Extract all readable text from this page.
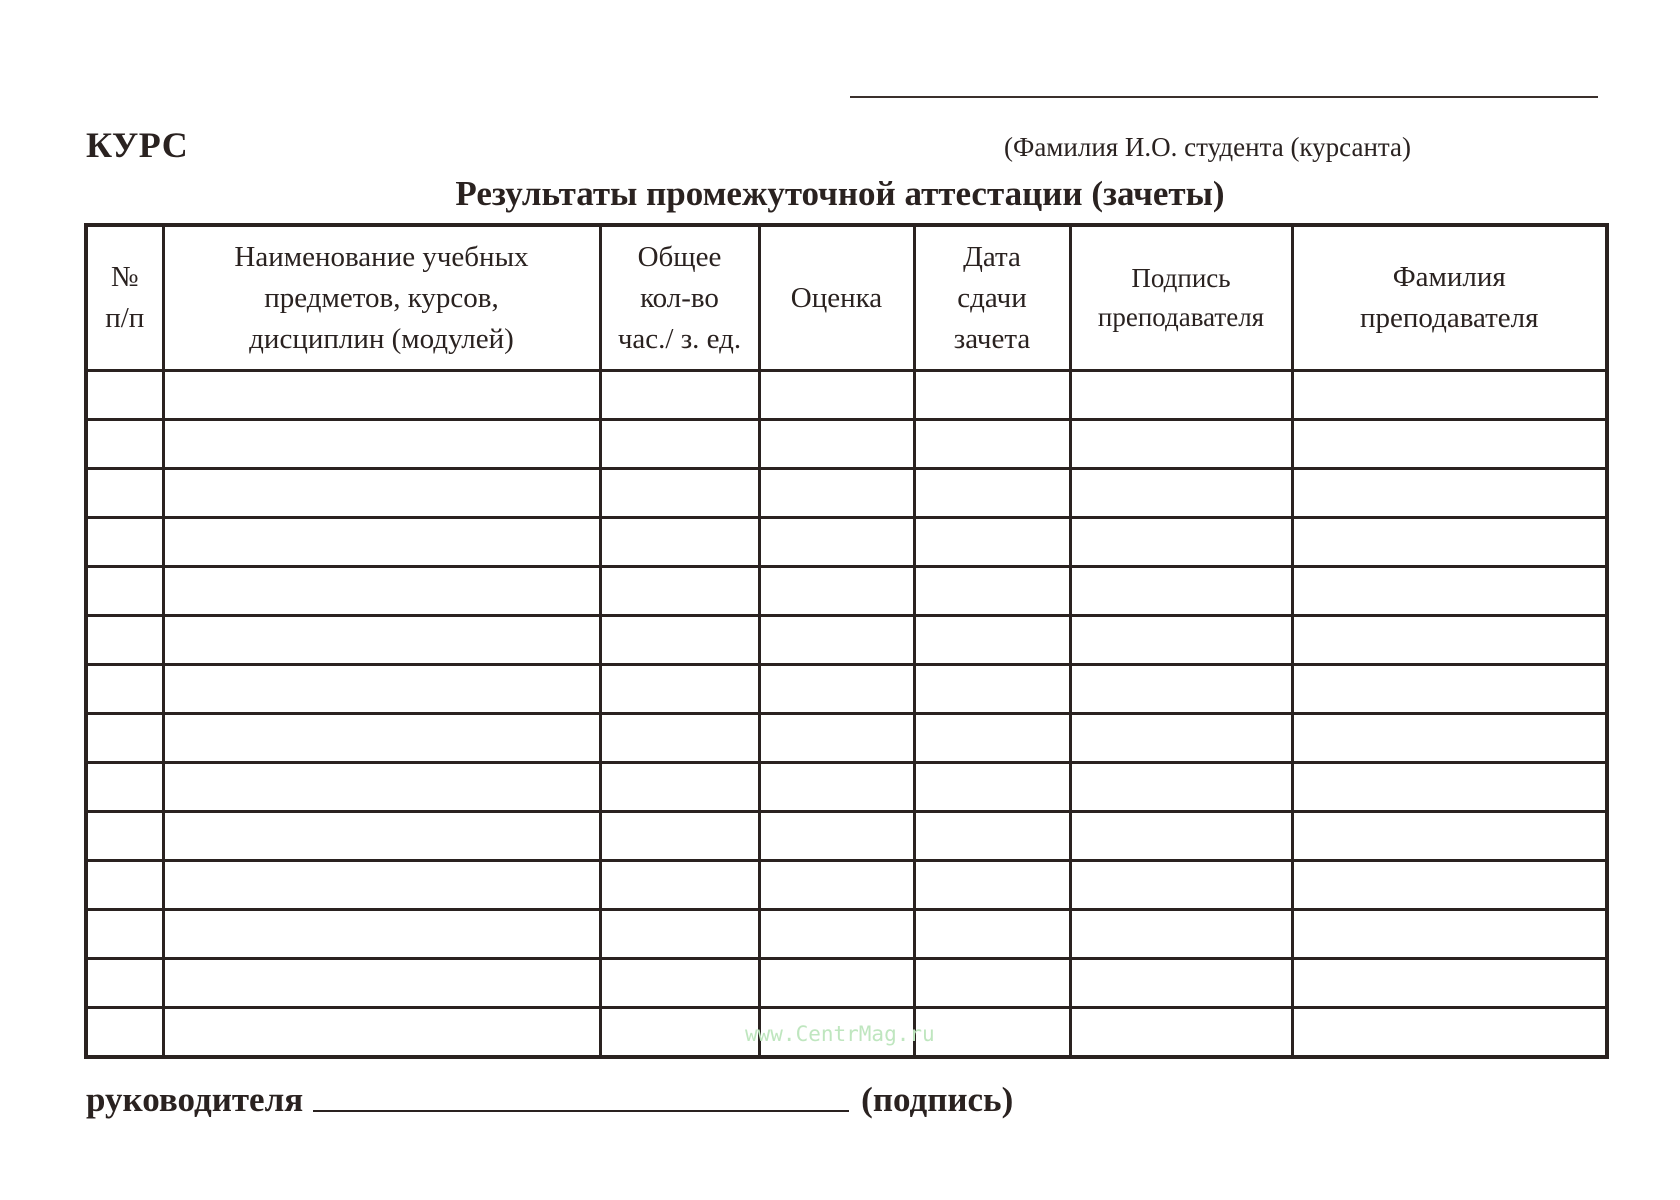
КУРС	(Фамилия И.О. студента (курсанта)
Результаты промежуточной аттестации (зачеты)
№ п/п	Наименование учебных предметов, курсов, дисциплин (модулей)	Общее кол-во час./ з. ед.	Оценка	Дата сдачи зачета	Подпись преподавателя	Фамилия преподавателя

www.CentrMag.ru
руководителя	(подпись)
